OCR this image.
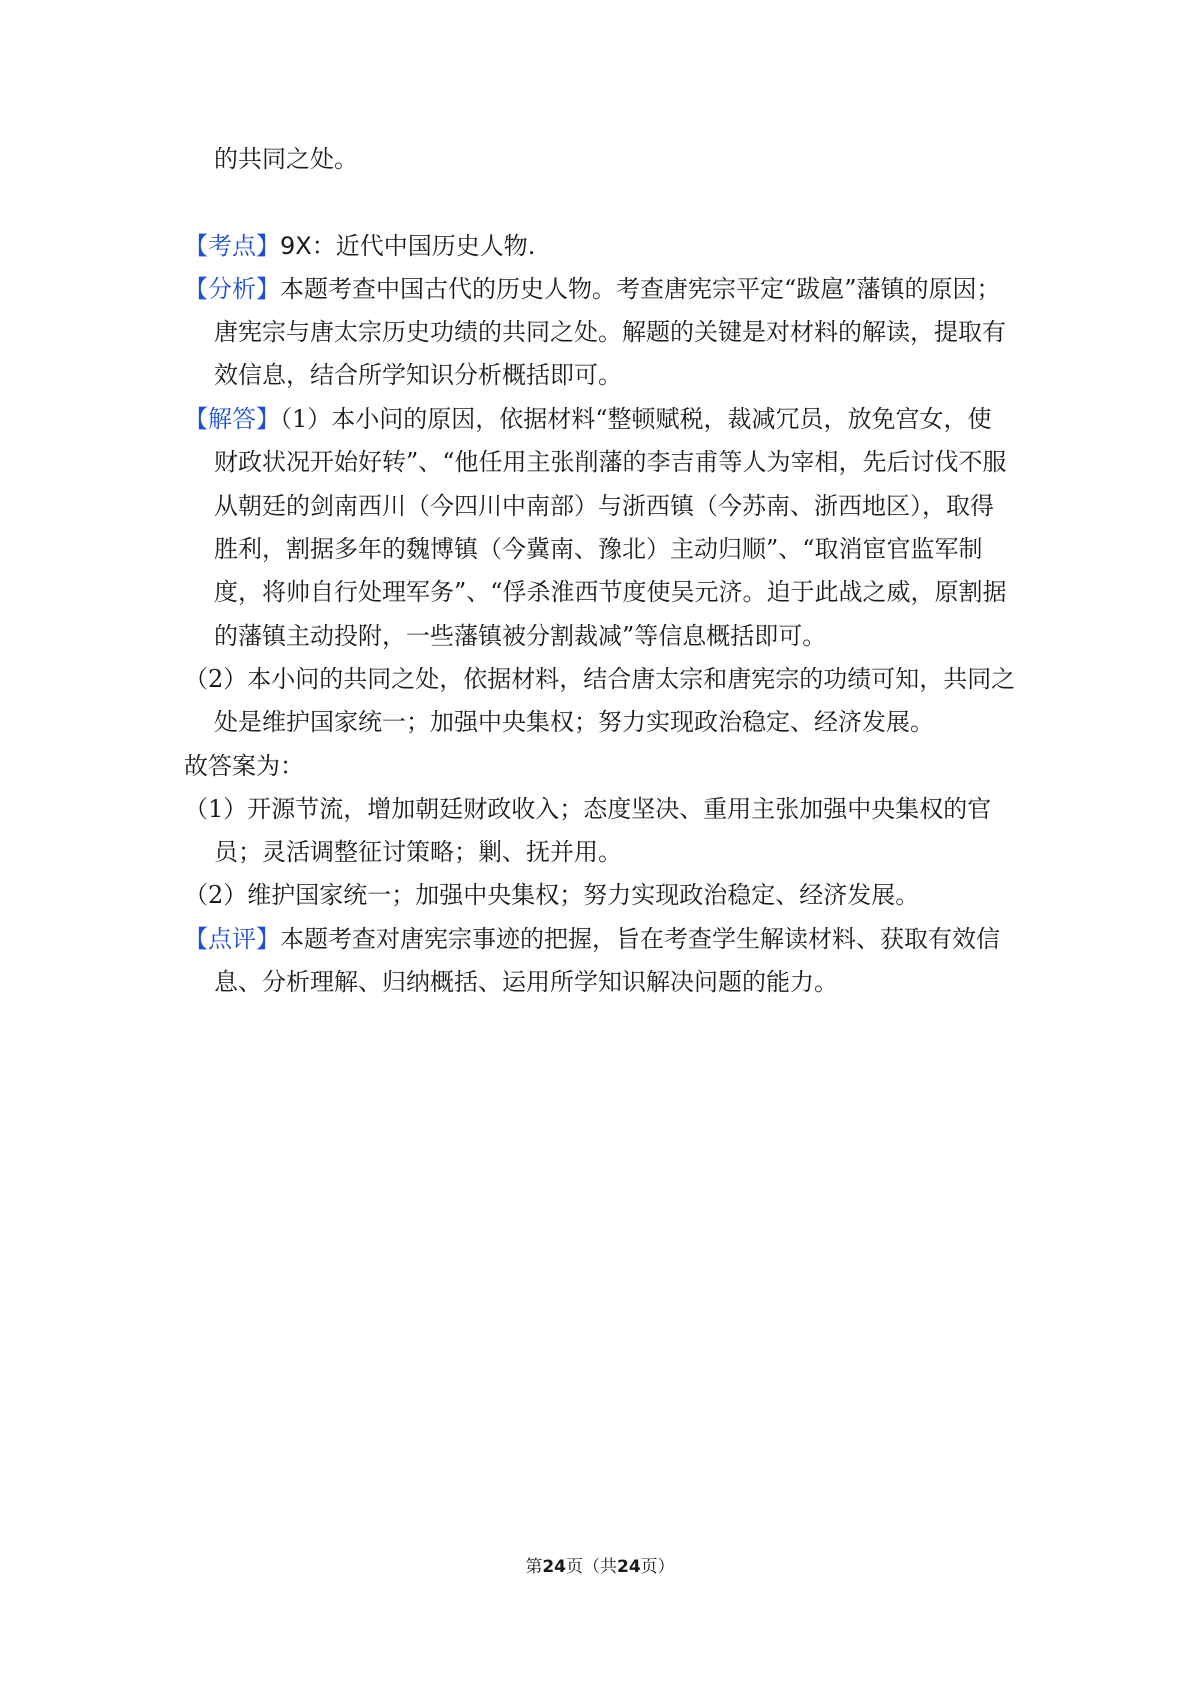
的共同之处。
【考点】9X：近代中国历史人物.
【分析】本题考查中国古代的历史人物。考查唐宪宗平定“跋扈”藩镇的原因；
唐宪宗与唐太宗历史功绩的共同之处。解题的关键是对材料的解读，提取有
效信息，结合所学知识分析概括即可。
【解答】（1）本小问的原因，依据材料“整顿赋税，裁减冗员，放免宫女，使
财政状况开始好转”、“他任用主张削藩的李吉甫等人为宰相，先后讨伐不服
从朝廷的剑南西川（今四川中南部）与浙西镇（今苏南、浙西地区），取得
胜利，割据多年的魏博镇（今冀南、豫北）主动归顺”、“取消宦官监军制
度，将帅自行处理军务”、“俘杀淮西节度使吴元济。迫于此战之威，原割据
的藩镇主动投附，一些藩镇被分割裁减”等信息概括即可。
（2）本小问的共同之处，依据材料，结合唐太宗和唐宪宗的功绩可知，共同之
处是维护国家统一；加强中央集权；努力实现政治稳定、经济发展。
故答案为：
（1）开源节流，增加朝廷财政收入；态度坚决、重用主张加强中央集权的官
员；灵活调整征讨策略；剿、抚并用。
（2）维护国家统一；加强中央集权；努力实现政治稳定、经济发展。
【点评】本题考查对唐宪宗事迹的把握，旨在考查学生解读材料、获取有效信
息、分析理解、归纳概括、运用所学知识解决问题的能力。
第24页（共24页）
